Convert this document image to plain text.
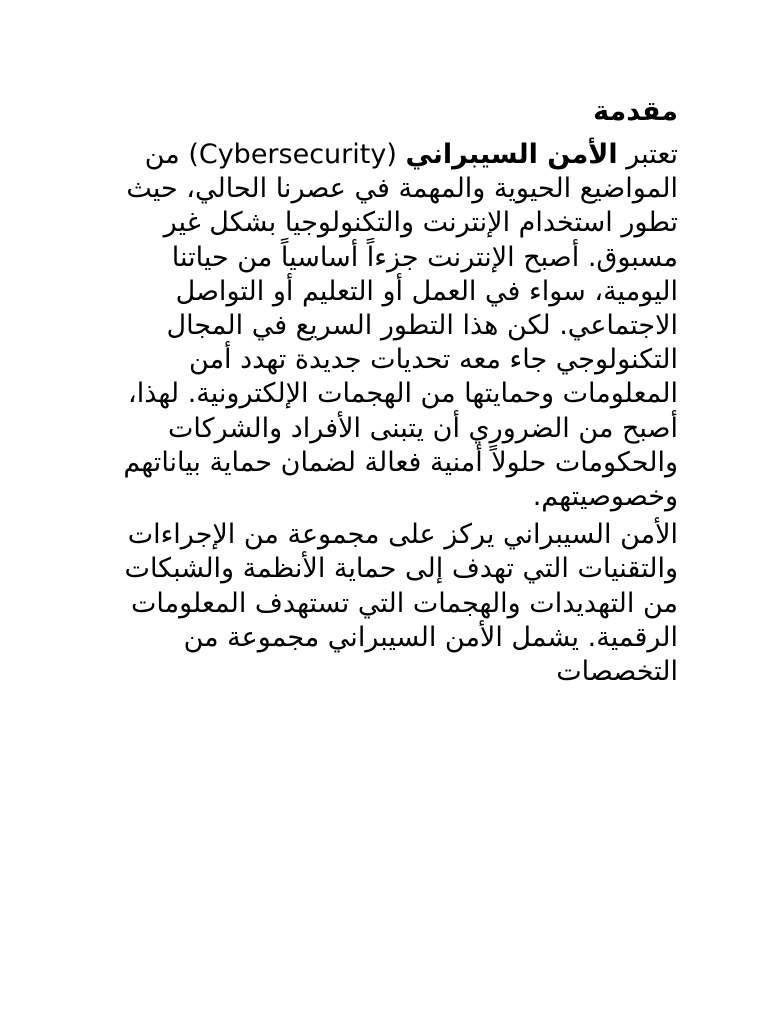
مقدمة

تعتبر الأمن السيبراني (Cybersecurity) من المواضيع الحيوية والمهمة في عصرنا الحالي، حيث تطور استخدام الإنترنت والتكنولوجيا بشكل غير مسبوق. أصبح الإنترنت جزءاً أساسياً من حياتنا اليومية، سواء في العمل أو التعليم أو التواصل الاجتماعي. لكن هذا التطور السريع في المجال التكنولوجي جاء معه تحديات جديدة تهدد أمن المعلومات وحمايتها من الهجمات الإلكترونية. لهذا، أصبح من الضروري أن يتبنى الأفراد والشركات والحكومات حلولاً أمنية فعالة لضمان حماية بياناتهم وخصوصيتهم.

الأمن السيبراني يركز على مجموعة من الإجراءات والتقنيات التي تهدف إلى حماية الأنظمة والشبكات من التهديدات والهجمات التي تستهدف المعلومات الرقمية. يشمل الأمن السيبراني مجموعة من التخصصات
